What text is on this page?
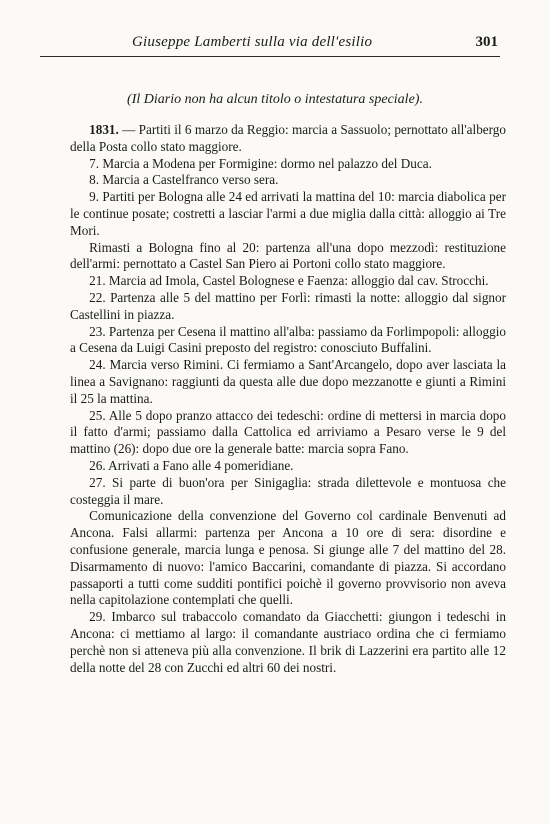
Giuseppe Lamberti sulla via dell'esilio	301
(Il Diario non ha alcun titolo o intestatura speciale).

1831. — Partiti il 6 marzo da Reggio: marcia a Sassuolo; pernottato all'albergo della Posta collo stato maggiore.

7. Marcia a Modena per Formigine: dormo nel palazzo del Duca.

8. Marcia a Castelfranco verso sera.

9. Partiti per Bologna alle 24 ed arrivati la mattina del 10: marcia diabolica per le continue posate; costretti a lasciar l'armi a due miglia dalla città: alloggio ai Tre Mori.

Rimasti a Bologna fino al 20: partenza all'una dopo mezzodì: restituzione dell'armi: pernottato a Castel San Piero ai Portoni collo stato maggiore.

21. Marcia ad Imola, Castel Bolognese e Faenza: alloggio dal cav. Strocchi.

22. Partenza alle 5 del mattino per Forlì: rimasti la notte: alloggio dal signor Castellini in piazza.

23. Partenza per Cesena il mattino all'alba: passiamo da Forlimpopoli: alloggio a Cesena da Luigi Casini preposto del registro: conosciuto Buffalini.

24. Marcia verso Rimini. Ci fermiamo a Sant'Arcangelo, dopo aver lasciata la linea a Savignano: raggiunti da questa alle due dopo mezzanotte e giunti a Rimini il 25 la mattina.

25. Alle 5 dopo pranzo attacco dei tedeschi: ordine di mettersi in marcia dopo il fatto d'armi; passiamo dalla Cattolica ed arriviamo a Pesaro verse le 9 del mattino (26): dopo due ore la generale batte: marcia sopra Fano.

26. Arrivati a Fano alle 4 pomeridiane.

27. Si parte di buon'ora per Sinigaglia: strada dilettevole e montuosa che costeggia il mare.

Comunicazione della convenzione del Governo col cardinale Benvenuti ad Ancona. Falsi allarmi: partenza per Ancona a 10 ore di sera: disordine e confusione generale, marcia lunga e penosa. Si giunge alle 7 del mattino del 28. Disarmamento di nuovo: l'amico Baccarini, comandante di piazza. Si accordano passaporti a tutti come sudditi pontifici poichè il governo provvisorio non aveva nella capitolazione contemplati che quelli.

29. Imbarco sul trabaccolo comandato da Giacchetti: giungon i tedeschi in Ancona: ci mettiamo al largo: il comandante austriaco ordina che ci fermiamo perchè non si atteneva più alla convenzione. Il brik di Lazzerini era partito alle 12 della notte del 28 con Zucchi ed altri 60 dei nostri.
